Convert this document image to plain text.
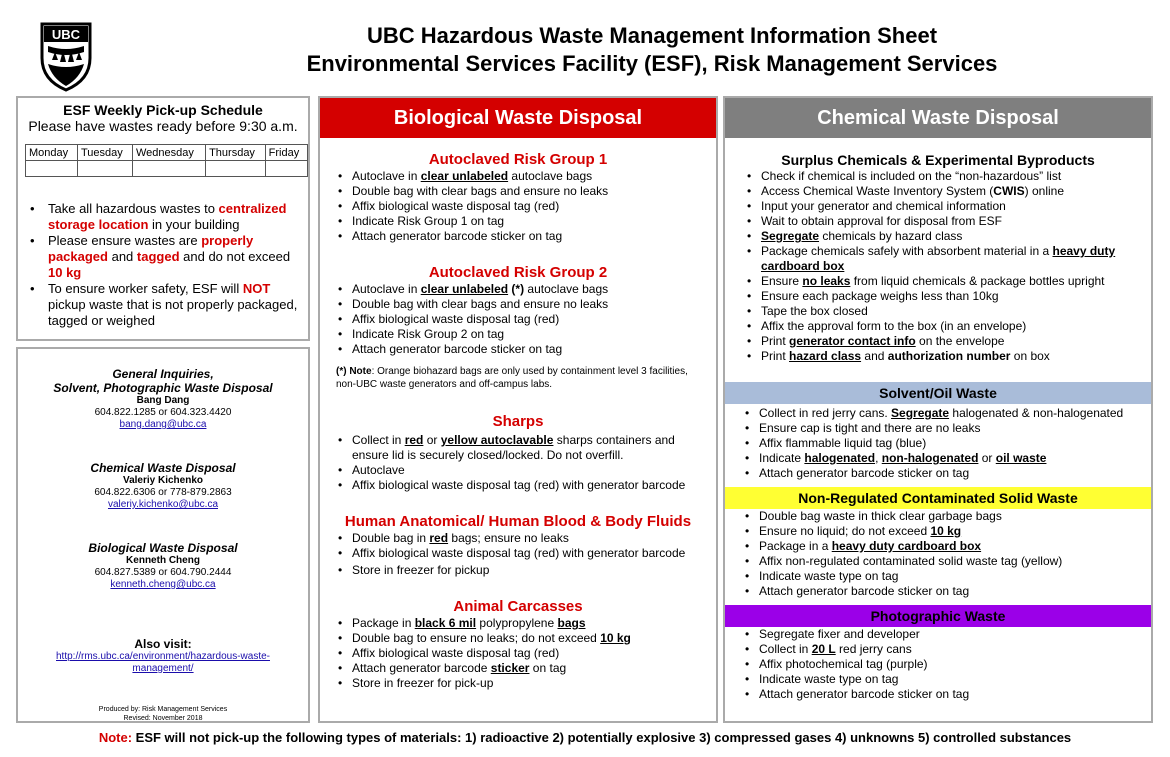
UBC	UBC Hazardous Waste Management Information Sheet
Environmental Services Facility (ESF), Risk Management Services
ESF Weekly Pick-up Schedule
Please have wastes ready before 9:30 a.m.
Monday	Tuesday	Wednesday	Thursday	Friday

• Take all hazardous wastes to centralized storage location in your building
• Please ensure wastes are properly packaged and tagged and do not exceed 10 kg
• To ensure worker safety, ESF will NOT pickup waste that is not properly packaged, tagged or weighed
General Inquiries,
Solvent, Photographic Waste Disposal
Bang Dang
604.822.1285 or 604.323.4420
bang.dang@ubc.ca
Chemical Waste Disposal
Valeriy Kichenko
604.822.6306 or 778-879.2863
valeriy.kichenko@ubc.ca
Biological Waste Disposal
Kenneth Cheng
604.827.5389 or 604.790.2444
kenneth.cheng@ubc.ca
Also visit:
http://rms.ubc.ca/environment/hazardous-waste-management/
Produced by: Risk Management Services
Revised: November 2018
Biological Waste Disposal
Autoclaved Risk Group 1
• Autoclave in clear unlabeled autoclave bags
• Double bag with clear bags and ensure no leaks
• Affix biological waste disposal tag (red)
• Indicate Risk Group 1 on tag
• Attach generator barcode sticker on tag
Autoclaved Risk Group 2
• Autoclave in clear unlabeled (*) autoclave bags
• Double bag with clear bags and ensure no leaks
• Affix biological waste disposal tag (red)
• Indicate Risk Group 2 on tag
• Attach generator barcode sticker on tag
(*) Note: Orange biohazard bags are only used by containment level 3 facilities, non-UBC waste generators and off-campus labs.
Sharps
• Collect in red or yellow autoclavable sharps containers and ensure lid is securely closed/locked. Do not overfill.
• Autoclave
• Affix biological waste disposal tag (red) with generator barcode
Human Anatomical/ Human Blood & Body Fluids
• Double bag in red bags; ensure no leaks
• Affix biological waste disposal tag (red) with generator barcode
• Store in freezer for pickup
Animal Carcasses
• Package in black 6 mil polypropylene bags
• Double bag to ensure no leaks; do not exceed 10 kg
• Affix biological waste disposal tag (red)
• Attach generator barcode sticker on tag
• Store in freezer for pick-up
Chemical Waste Disposal
Surplus Chemicals & Experimental Byproducts
• Check if chemical is included on the “non-hazardous” list
• Access Chemical Waste Inventory System (CWIS) online
• Input your generator and chemical information
• Wait to obtain approval for disposal from ESF
• Segregate chemicals by hazard class
• Package chemicals safely with absorbent material in a heavy duty cardboard box
• Ensure no leaks from liquid chemicals & package bottles upright
• Ensure each package weighs less than 10kg
• Tape the box closed
• Affix the approval form to the box (in an envelope)
• Print generator contact info on the envelope
• Print hazard class and authorization number on box
Solvent/Oil Waste
• Collect in red jerry cans. Segregate halogenated & non-halogenated
• Ensure cap is tight and there are no leaks
• Affix flammable liquid tag (blue)
• Indicate halogenated, non-halogenated or oil waste
• Attach generator barcode sticker on tag
Non-Regulated Contaminated Solid Waste
• Double bag waste in thick clear garbage bags
• Ensure no liquid; do not exceed 10 kg
• Package in a heavy duty cardboard box
• Affix non-regulated contaminated solid waste tag (yellow)
• Indicate waste type on tag
• Attach generator barcode sticker on tag
Photographic Waste
• Segregate fixer and developer
• Collect in 20 L red jerry cans
• Affix photochemical tag (purple)
• Indicate waste type on tag
• Attach generator barcode sticker on tag
Note: ESF will not pick-up the following types of materials: 1) radioactive 2) potentially explosive 3) compressed gases 4) unknowns 5) controlled substances
